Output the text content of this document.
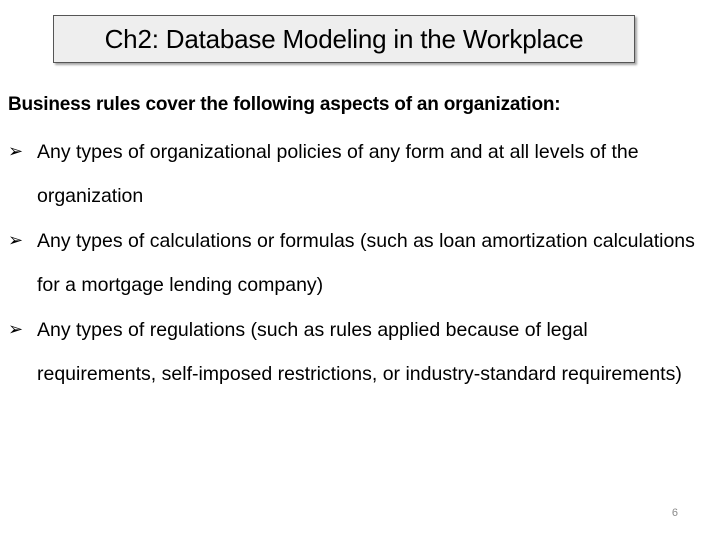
Ch2: Database Modeling in the Workplace
Business rules cover the following aspects of an organization:
➢ Any types of organizational policies of any form and at all levels of the organization
➢ Any types of calculations or formulas (such as loan amortization calculations for a mortgage lending company)
➢ Any types of regulations (such as rules applied because of legal requirements, self-imposed restrictions, or industry-standard requirements)
6
